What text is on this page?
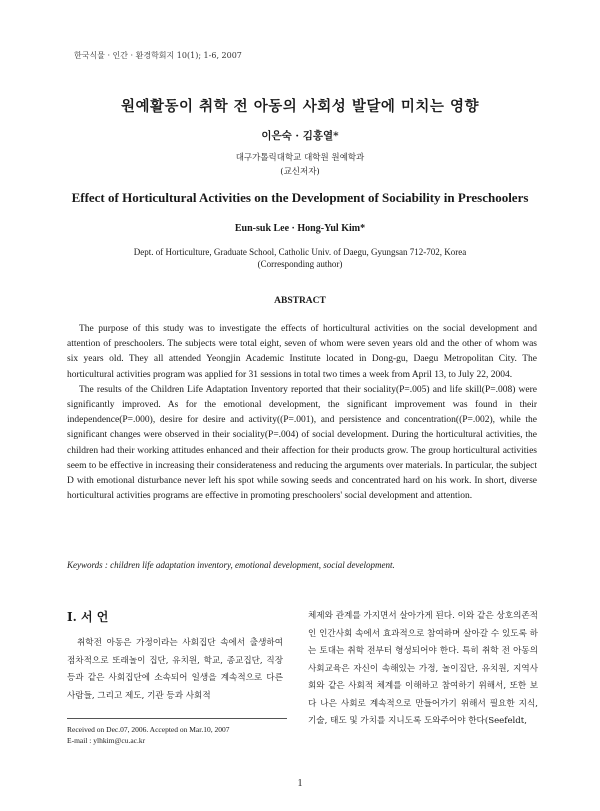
한국식물 · 인간 · 환경학회지 10(1); 1-6, 2007
원예활동이 취학 전 아동의 사회성 발달에 미치는 영향
이은숙 · 김홍열*
대구가톨릭대학교 대학원 원예학과
(교신저자)
Effect of Horticultural Activities on the Development of Sociability in Preschoolers
Eun-suk Lee · Hong-Yul Kim*
Dept. of Horticulture, Graduate School, Catholic Univ. of Daegu, Gyungsan 712-702, Korea
(Corresponding author)
ABSTRACT

The purpose of this study was to investigate the effects of horticultural activities on the social development and attention of preschoolers. The subjects were total eight, seven of whom were seven years old and the other of whom was six years old. They all attended Yeongjin Academic Institute located in Dong-gu, Daegu Metropolitan City. The horticultural activities program was applied for 31 sessions in total two times a week from April 13, to July 22, 2004.

The results of the Children Life Adaptation Inventory reported that their sociality(P=.005) and life skill(P=.008) were significantly improved. As for the emotional development, the significant improvement was found in their independence(P=.000), desire for desire and activity((P=.001), and persistence and concentration((P=.002), while the significant changes were observed in their sociality(P=.004) of social development. During the horticultural activities, the children had their working attitudes enhanced and their affection for their products grow. The group horticultural activities seem to be effective in increasing their considerateness and reducing the arguments over materials. In particular, the subject D with emotional disturbance never left his spot while sowing seeds and concentrated hard on his work. In short, diverse horticultural activities programs are effective in promoting preschoolers' social development and attention.

Keywords : children life adaptation inventory, emotional development, social development.
Ⅰ. 서 언

취학전 아동은 가정이라는 사회집단 속에서 출생하여 점차적으로 또래놀이 집단, 유치원, 학교, 종교집단, 직장 등과 같은 사회집단에 소속되어 일생을 계속적으로 다른 사람들, 그리고 제도, 기관 등과 사회적

체제와 관계를 가지면서 살아가게 된다. 이와 같은 상호의존적인 인간사회 속에서 효과적으로 참여하며 살아갈 수 있도록 하는 토대는 취학 전부터 형성되어야 한다. 특히 취학 전 아동의 사회교육은 자신이 속해있는 가정, 놀이집단, 유치원, 지역사회와 같은 사회적 체계를 이해하고 참여하기 위해서, 또한 보다 나은 사회로 계속적으로 만들어가기 위해서 필요한 지식, 기술, 태도 및 가치를 지니도록 도와주어야 한다(Seefeldt,

Received on Dec.07, 2006. Accepted on Mar.10, 2007
E-mail : ylhkim@cu.ac.kr
1
